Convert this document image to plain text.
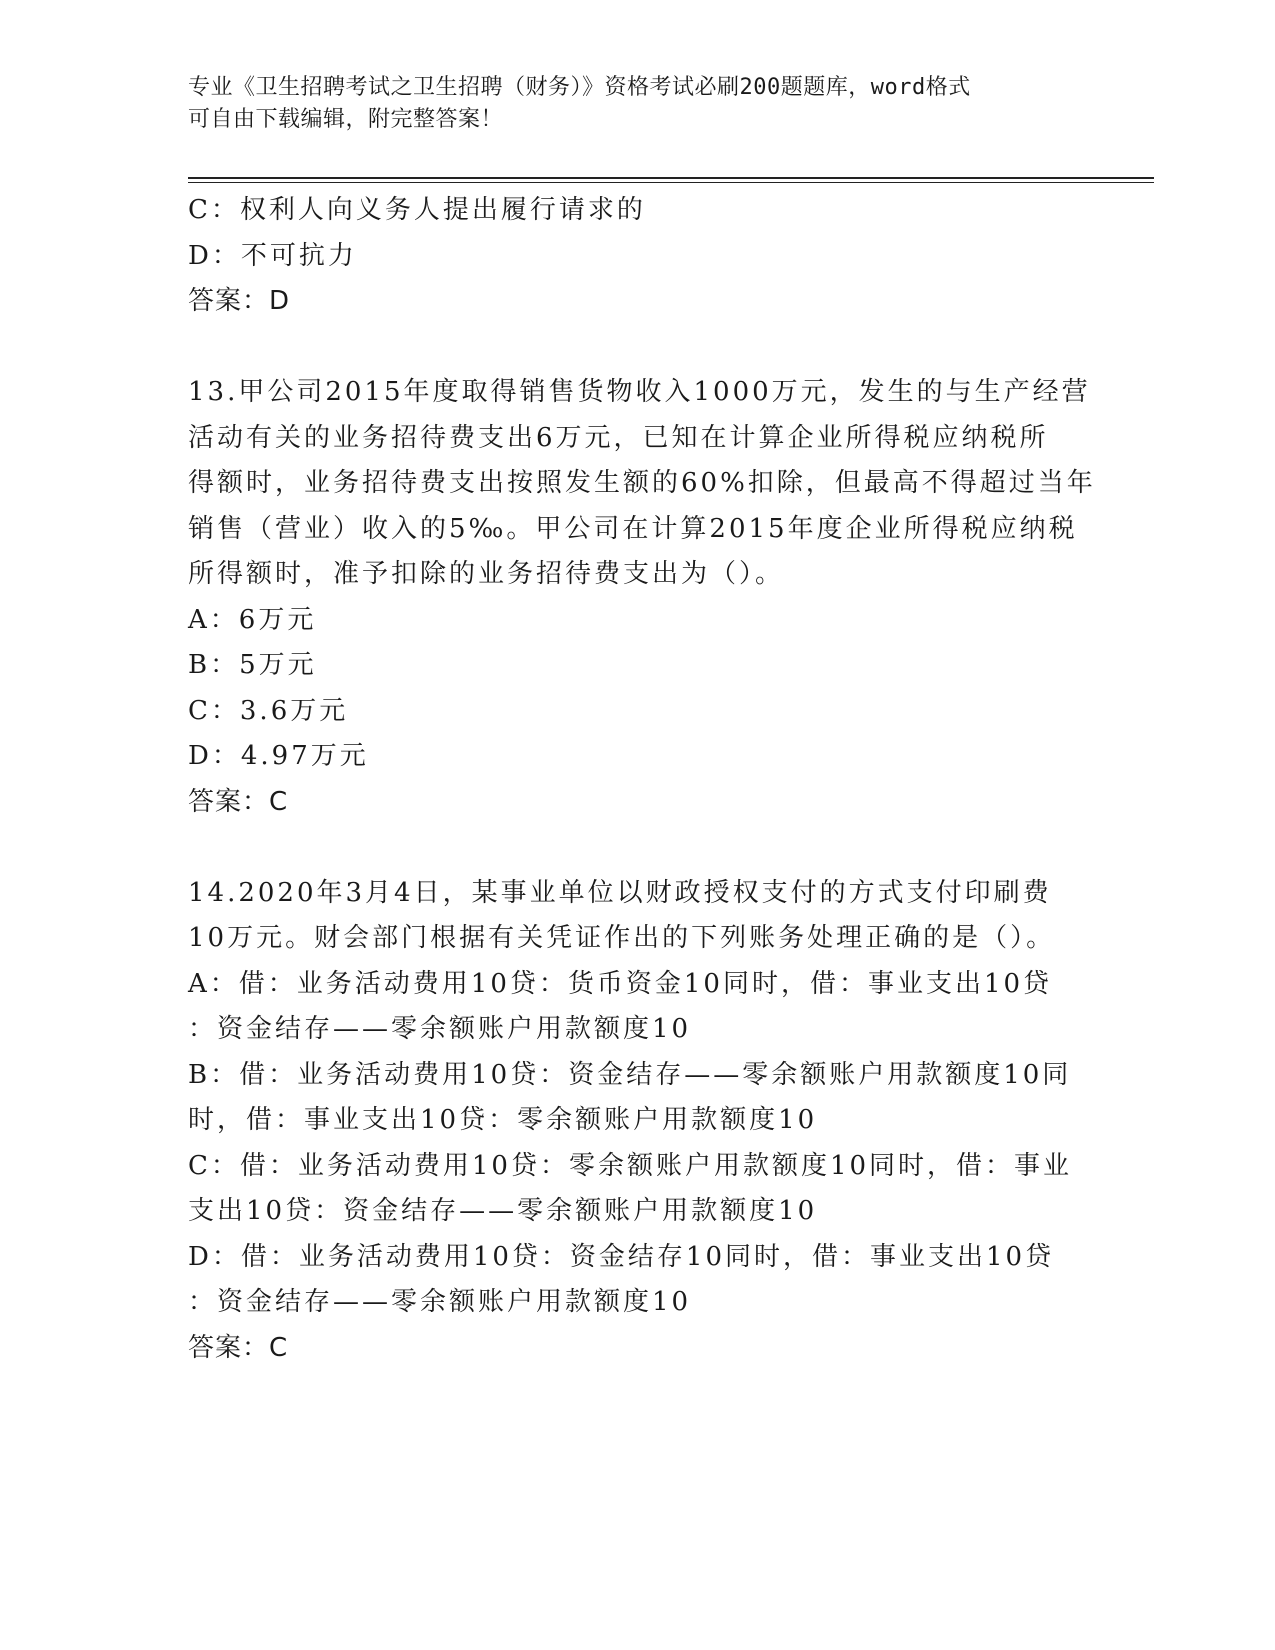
专业《卫生招聘考试之卫生招聘（财务）》资格考试必刷200题题库，word格式
可自由下载编辑，附完整答案！
C：权利人向义务人提出履行请求的
D：不可抗力
答案：D
13.甲公司2015年度取得销售货物收入1000万元，发生的与生产经营
活动有关的业务招待费支出6万元，已知在计算企业所得税应纳税所
得额时，业务招待费支出按照发生额的60%扣除，但最高不得超过当年
销售（营业）收入的5‰。甲公司在计算2015年度企业所得税应纳税
所得额时，准予扣除的业务招待费支出为（）。
A：6万元
B：5万元
C：3.6万元
D：4.97万元
答案：C
14.2020年3月4日，某事业单位以财政授权支付的方式支付印刷费
10万元。财会部门根据有关凭证作出的下列账务处理正确的是（）。
A：借：业务活动费用10贷：货币资金10同时，借：事业支出10贷
：资金结存——零余额账户用款额度10
B：借：业务活动费用10贷：资金结存——零余额账户用款额度10同
时，借：事业支出10贷：零余额账户用款额度10
C：借：业务活动费用10贷：零余额账户用款额度10同时，借：事业
支出10贷：资金结存——零余额账户用款额度10
D：借：业务活动费用10贷：资金结存10同时，借：事业支出10贷
：资金结存——零余额账户用款额度10
答案：C
